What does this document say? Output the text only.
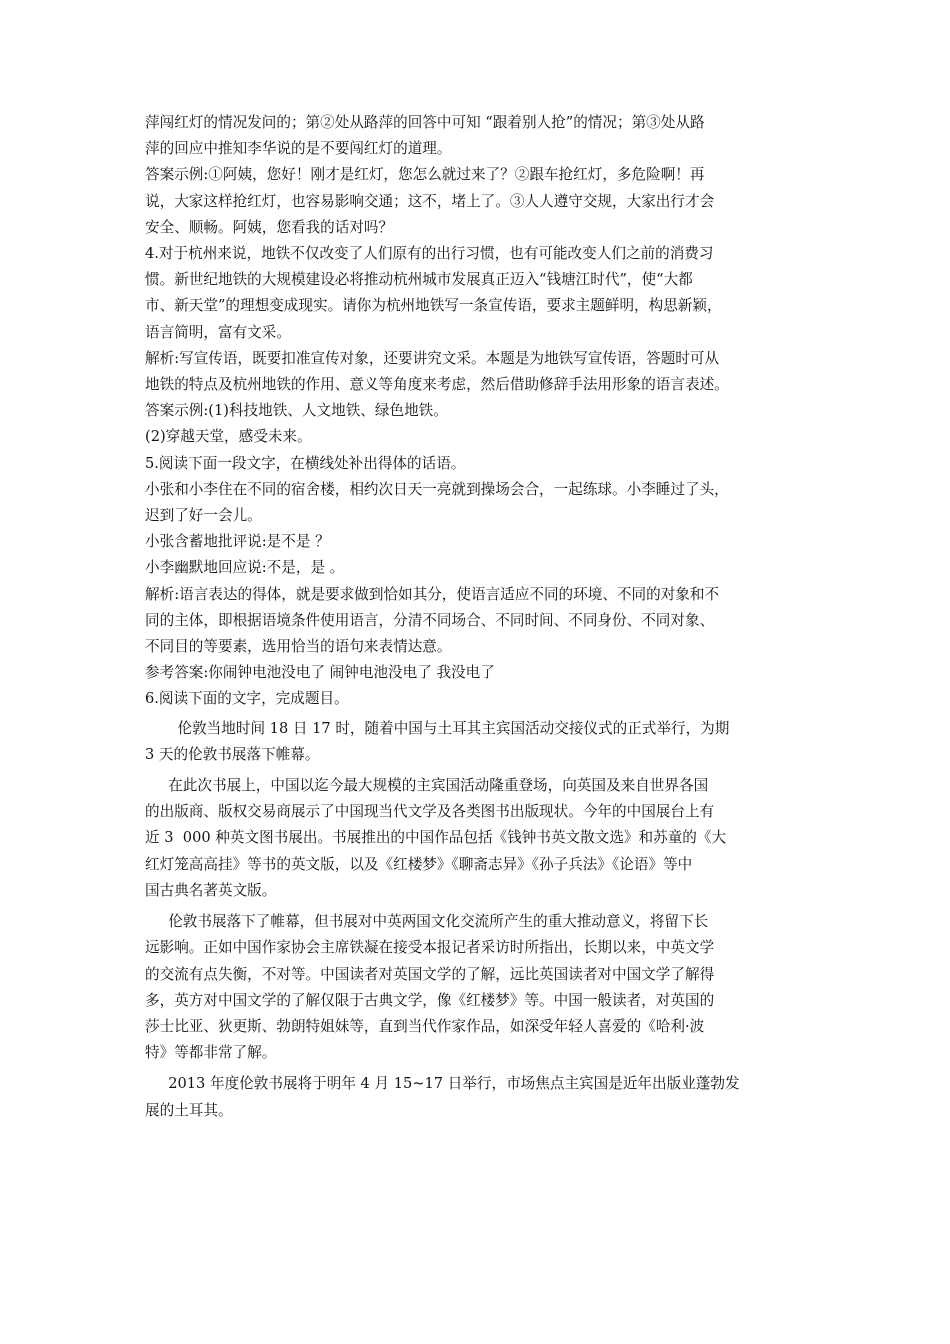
萍闯红灯的情况发问的；第②处从路萍的回答中可知 “跟着别人抢”的情况；第③处从路

萍的回应中推知李华说的是不要闯红灯的道理。

答案示例:①阿姨，您好！刚才是红灯，您怎么就过来了？②跟车抢红灯，多危险啊！再

说，大家这样抢红灯，也容易影响交通；这不，堵上了。③人人遵守交规，大家出行才会

安全、顺畅。阿姨，您看我的话对吗？

4.对于杭州来说，地铁不仅改变了人们原有的出行习惯，也有可能改变人们之前的消费习

惯。新世纪地铁的大规模建设必将推动杭州城市发展真正迈入“钱塘江时代”，使“大都

市、新天堂”的理想变成现实。请你为杭州地铁写一条宣传语，要求主题鲜明，构思新颖，

语言简明，富有文采。

解析:写宣传语，既要扣准宣传对象，还要讲究文采。本题是为地铁写宣传语，答题时可从

地铁的特点及杭州地铁的作用、意义等角度来考虑，然后借助修辞手法用形象的语言表述。

答案示例:(1)科技地铁、人文地铁、绿色地铁。

(2)穿越天堂，感受未来。

5.阅读下面一段文字，在横线处补出得体的话语。

小张和小李住在不同的宿舍楼，相约次日天一亮就到操场会合，一起练球。小李睡过了头，

迟到了好一会儿。

小张含蓄地批评说:是不是 ？

小李幽默地回应说:不是，是 。

解析:语言表达的得体，就是要求做到恰如其分，使语言适应不同的环境、不同的对象和不

同的主体，即根据语境条件使用语言，分清不同场合、不同时间、不同身份、不同对象、

不同目的等要素，选用恰当的语句来表情达意。

参考答案:你闹钟电池没电了 闹钟电池没电了 我没电了

6.阅读下面的文字，完成题目。

伦敦当地时间 18 日 17 时，随着中国与土耳其主宾国活动交接仪式的正式举行，为期

3 天的伦敦书展落下帷幕。

在此次书展上，中国以迄今最大规模的主宾国活动隆重登场，向英国及来自世界各国

的出版商、版权交易商展示了中国现当代文学及各类图书出版现状。今年的中国展台上有

近 3  000 种英文图书展出。书展推出的中国作品包括《钱钟书英文散文选》和苏童的《大

红灯笼高高挂》等书的英文版，以及《红楼梦》《聊斋志异》《孙子兵法》《论语》等中

国古典名著英文版。

伦敦书展落下了帷幕，但书展对中英两国文化交流所产生的重大推动意义，将留下长

远影响。正如中国作家协会主席铁凝在接受本报记者采访时所指出，长期以来，中英文学

的交流有点失衡，不对等。中国读者对英国文学的了解，远比英国读者对中国文学了解得

多，英方对中国文学的了解仅限于古典文学，像《红楼梦》等。中国一般读者，对英国的

莎士比亚、狄更斯、勃朗特姐妹等，直到当代作家作品，如深受年轻人喜爱的《哈利·波

特》等都非常了解。

2013 年度伦敦书展将于明年 4 月 15~17 日举行，市场焦点主宾国是近年出版业蓬勃发

展的土耳其。
